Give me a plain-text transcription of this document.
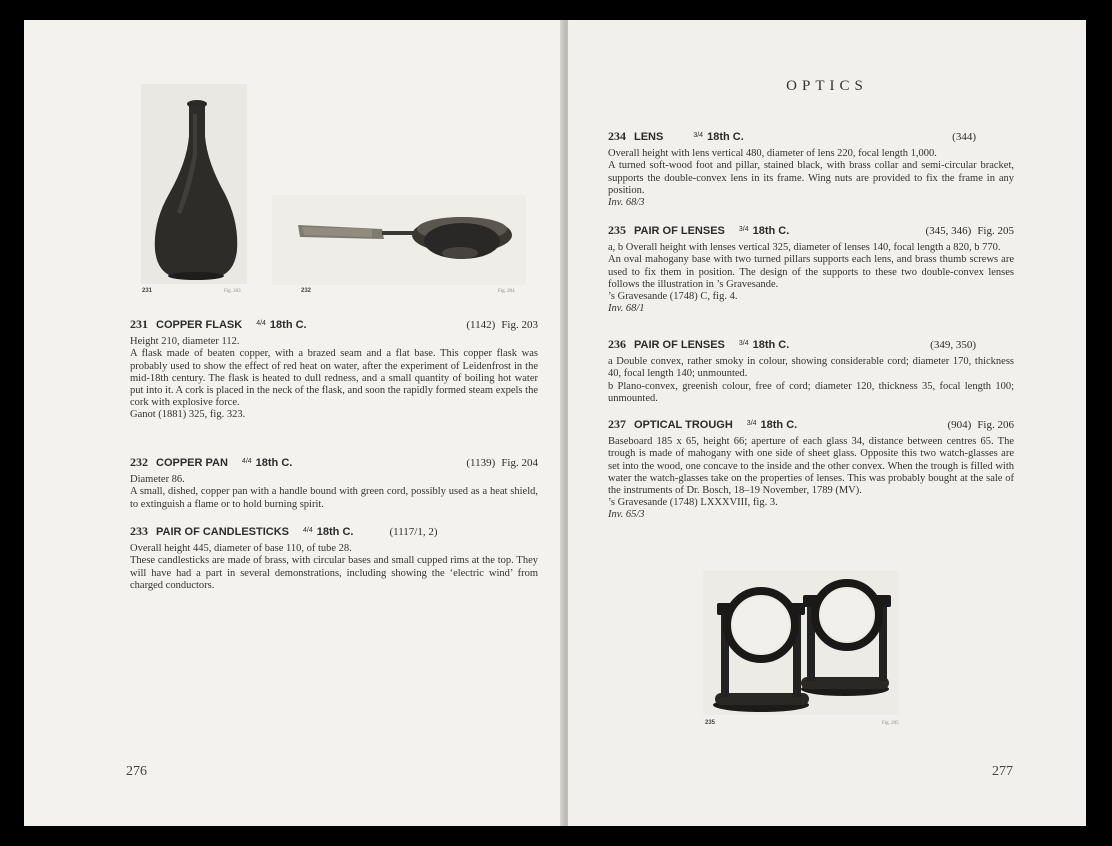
231	Fig. 203	232	Fig. 204
231 COPPER FLASK 4/4 18th C.	(1142) Fig. 203

Height 210, diameter 112.

A flask made of beaten copper, with a brazed seam and a flat base. This copper flask was probably used to show the effect of red heat on water, after the experiment of Leidenfrost in the mid-18th century. The flask is heated to dull redness, and a small quantity of boiling hot water put into it. A cork is placed in the neck of the flask, and soon the rapidly formed steam expels the cork with explosive force.

Ganot (1881) 325, fig. 323.

232 COPPER PAN 4/4 18th C.	(1139) Fig. 204

Diameter 86.

A small, dished, copper pan with a handle bound with green cord, possibly used as a heat shield, to extinguish a flame or to hold burning spirit.

233 PAIR OF CANDLESTICKS 4/4 18th C.	(1117/1, 2)

Overall height 445, diameter of base 110, of tube 28.

These candlesticks are made of brass, with circular bases and small cupped rims at the top. They will have had a part in several demonstrations, including showing the ‘electric wind’ from charged conductors.

276
OPTICS
234 LENS	3/4 18th C.	(344)

Overall height with lens vertical 480, diameter of lens 220, focal length 1,000.

A turned soft-wood foot and pillar, stained black, with brass collar and semi-circular bracket, supports the double-convex lens in its frame. Wing nuts are provided to fix the frame in any position.

Inv. 68/3

235 PAIR OF LENSES 3/4 18th C.	(345, 346) Fig. 205

a, b Overall height with lenses vertical 325, diameter of lenses 140, focal length a 820, b 770.

An oval mahogany base with two turned pillars supports each lens, and brass thumb screws are used to fix them in position. The design of the supports to these two double-convex lenses follows the illustration in ’s Gravesande.

’s Gravesande (1748) C, fig. 4.

Inv. 68/1

236 PAIR OF LENSES 3/4 18th C.	(349, 350)

a Double convex, rather smoky in colour, showing considerable cord; diameter 170, thickness 40, focal length 140; unmounted.

b Plano-convex, greenish colour, free of cord; diameter 120, thickness 35, focal length 100; unmounted.

237 OPTICAL TROUGH 3/4 18th C.	(904) Fig. 206

Baseboard 185 x 65, height 66; aperture of each glass 34, distance between centres 65. The trough is made of mahogany with one side of sheet glass. Opposite this two watch-glasses are set into the wood, one concave to the inside and the other convex. When the trough is filled with water the watch-glasses take on the properties of lenses. This was probably bought at the sale of the instruments of Dr. Bosch, 18–19 November, 1789 (MV).

’s Gravesande (1748) LXXXVIII, fig. 3.

Inv. 65/3

235	Fig. 205
277
